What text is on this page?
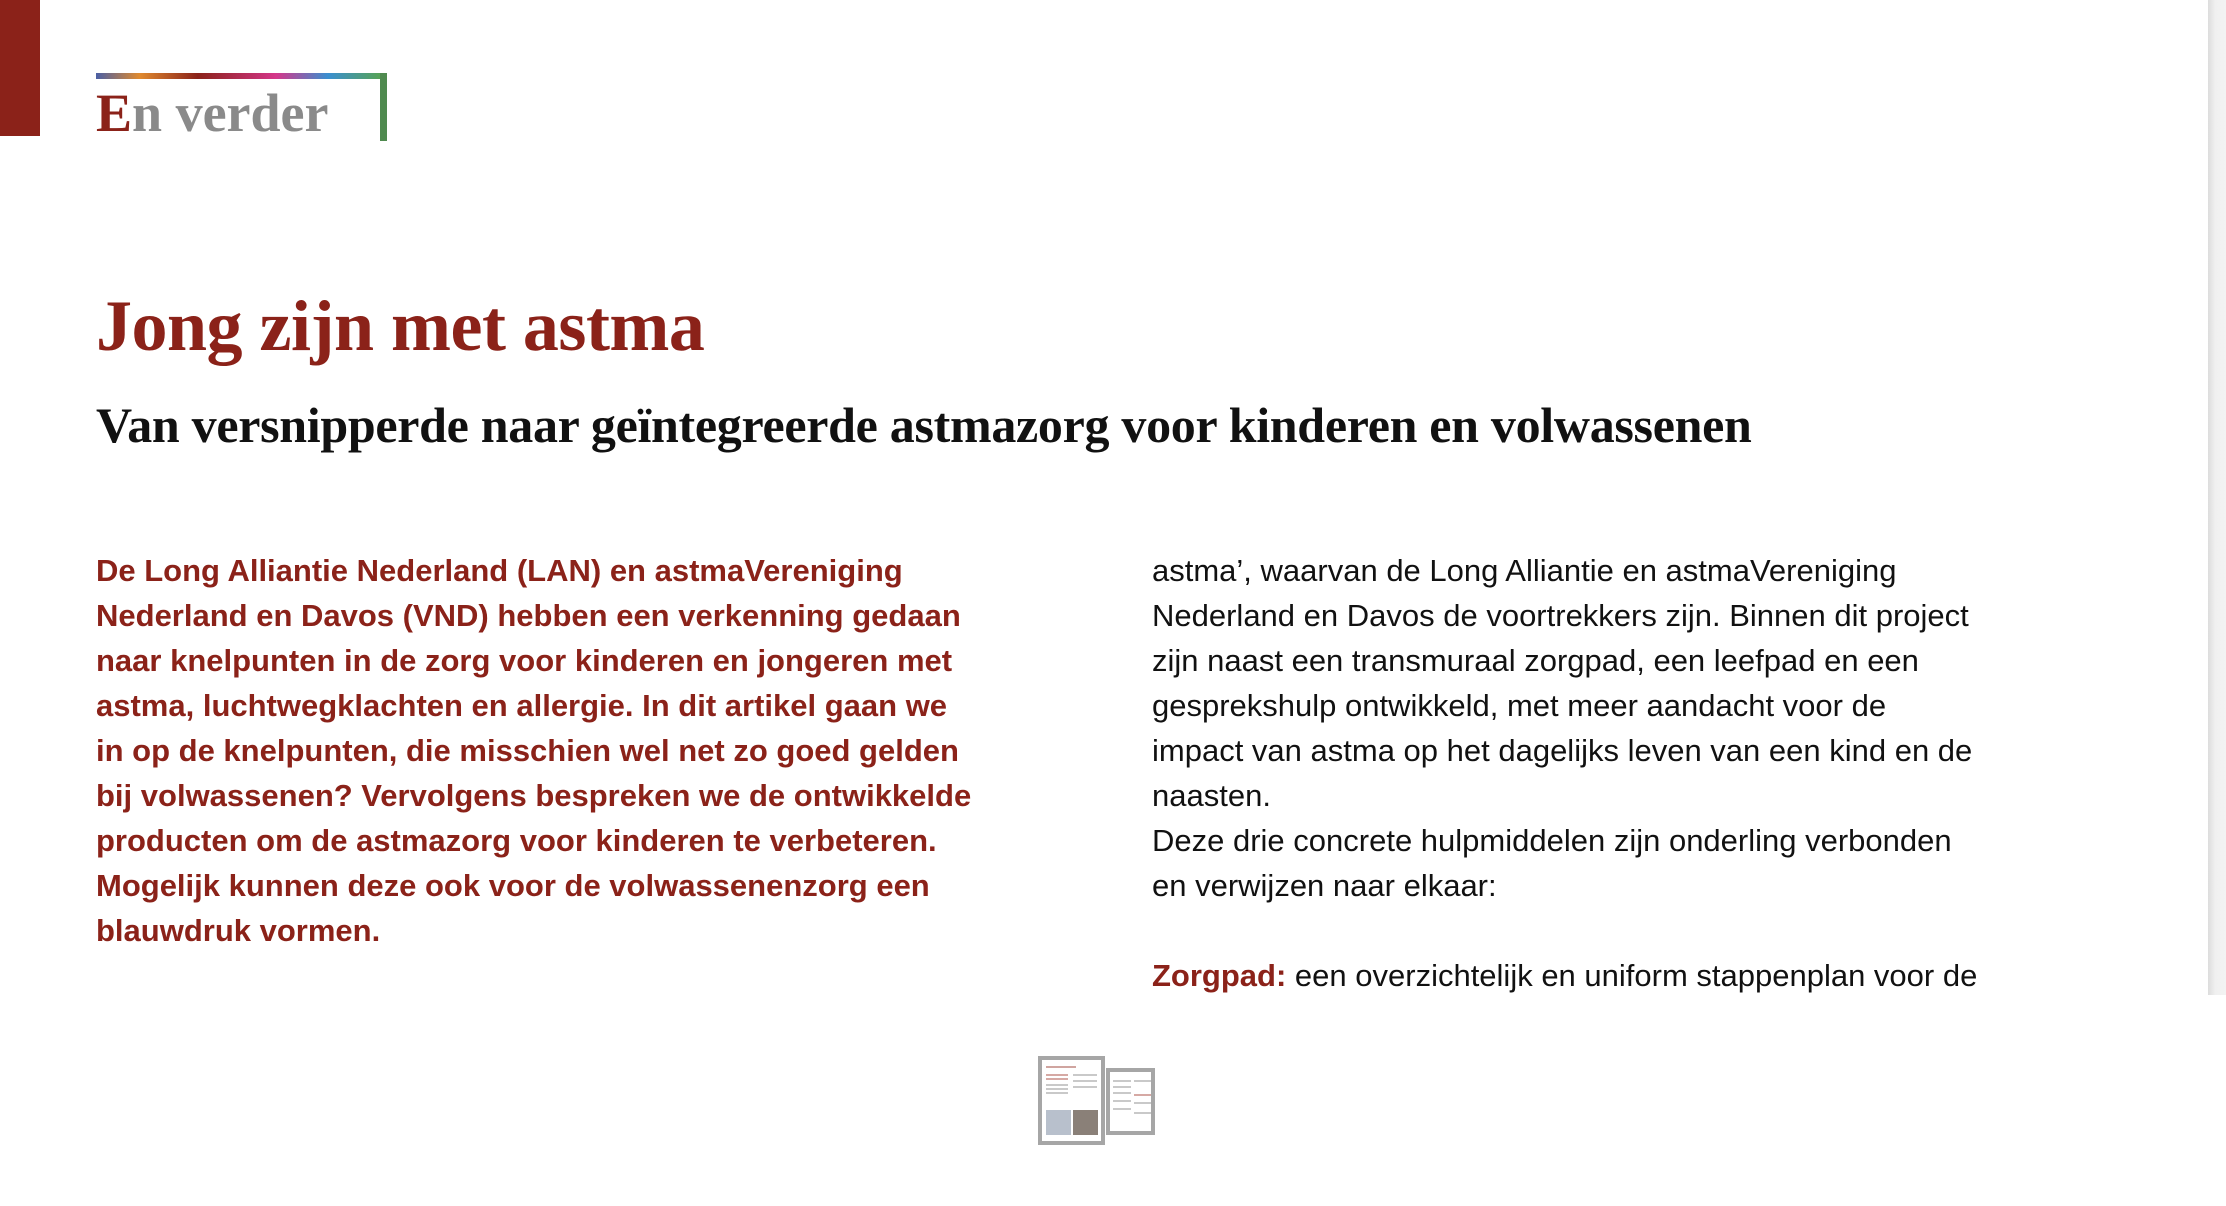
En verder
Jong zijn met astma
Van versnipperde naar geïntegreerde astmazorg voor kinderen en volwassenen
De Long Alliantie Nederland (LAN) en astmaVereniging
Nederland en Davos (VND) hebben een verkenning gedaan
naar knelpunten in de zorg voor kinderen en jongeren met
astma, luchtwegklachten en allergie. In dit artikel gaan we
in op de knelpunten, die misschien wel net zo goed gelden
bij volwassenen? Vervolgens bespreken we de ontwikkelde
producten om de astmazorg voor kinderen te verbeteren.
Mogelijk kunnen deze ook voor de volwassenenzorg een
blauwdruk vormen.
astma’, waarvan de Long Alliantie en astmaVereniging
Nederland en Davos de voortrekkers zijn. Binnen dit project
zijn naast een transmuraal zorgpad, een leefpad en een
gesprekshulp ontwikkeld, met meer aandacht voor de
impact van astma op het dagelijks leven van een kind en de
naasten.
Deze drie concrete hulpmiddelen zijn onderling verbonden
en verwijzen naar elkaar:
Zorgpad: een overzichtelijk en uniform stappenplan voor de
